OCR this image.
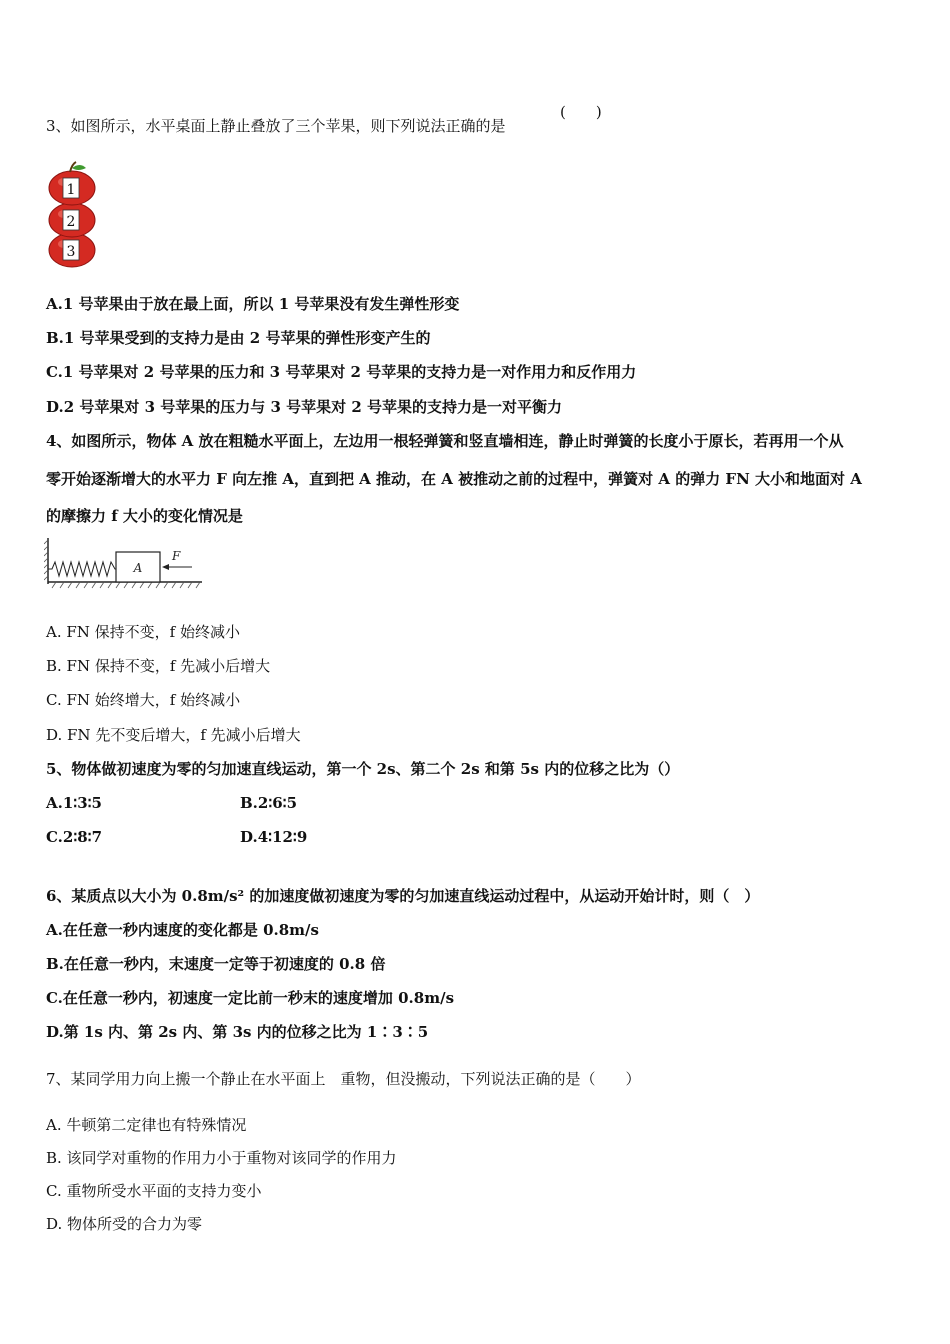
3、如图所示，水平桌面上静止叠放了三个苹果，则下列说法正确的是
(　　)
3
2
1
A.1 号苹果由于放在最上面，所以 1 号苹果没有发生弹性形变
B.1 号苹果受到的支持力是由 2 号苹果的弹性形变产生的
C.1 号苹果对 2 号苹果的压力和 3 号苹果对 2 号苹果的支持力是一对作用力和反作用力
D.2 号苹果对 3 号苹果的压力与 3 号苹果对 2 号苹果的支持力是一对平衡力
4、如图所示，物体 A 放在粗糙水平面上，左边用一根轻弹簧和竖直墙相连，静止时弹簧的长度小于原长，若再用一个从
零开始逐渐增大的水平力 F 向左推 A，直到把 A 推动，在 A 被推动之前的过程中，弹簧对 A 的弹力 FN 大小和地面对 A
的摩擦力 f 大小的变化情况是
A
F
A. FN 保持不变，f 始终减小
B. FN 保持不变，f 先减小后增大
C. FN 始终增大，f 始终减小
D. FN 先不变后增大，f 先减小后增大
5、物体做初速度为零的匀加速直线运动，第一个 2s、第二个 2s 和第 5s 内的位移之比为（）
A.1∶3∶5	B.2∶6∶5
C.2∶8∶7	D.4∶12∶9
6、某质点以大小为 0.8m/s² 的加速度做初速度为零的匀加速直线运动过程中，从运动开始计时，则（　）
A.在任意一秒内速度的变化都是 0.8m/s
B.在任意一秒内，末速度一定等于初速度的 0.8 倍
C.在任意一秒内，初速度一定比前一秒末的速度增加 0.8m/s
D.第 1s 内、第 2s 内、第 3s 内的位移之比为 1∶3∶5
7、某同学用力向上搬一个静止在水平面上　重物，但没搬动，下列说法正确的是（　　）
A. 牛顿第二定律也有特殊情况
B. 该同学对重物的作用力小于重物对该同学的作用力
C. 重物所受水平面的支持力变小
D. 物体所受的合力为零
